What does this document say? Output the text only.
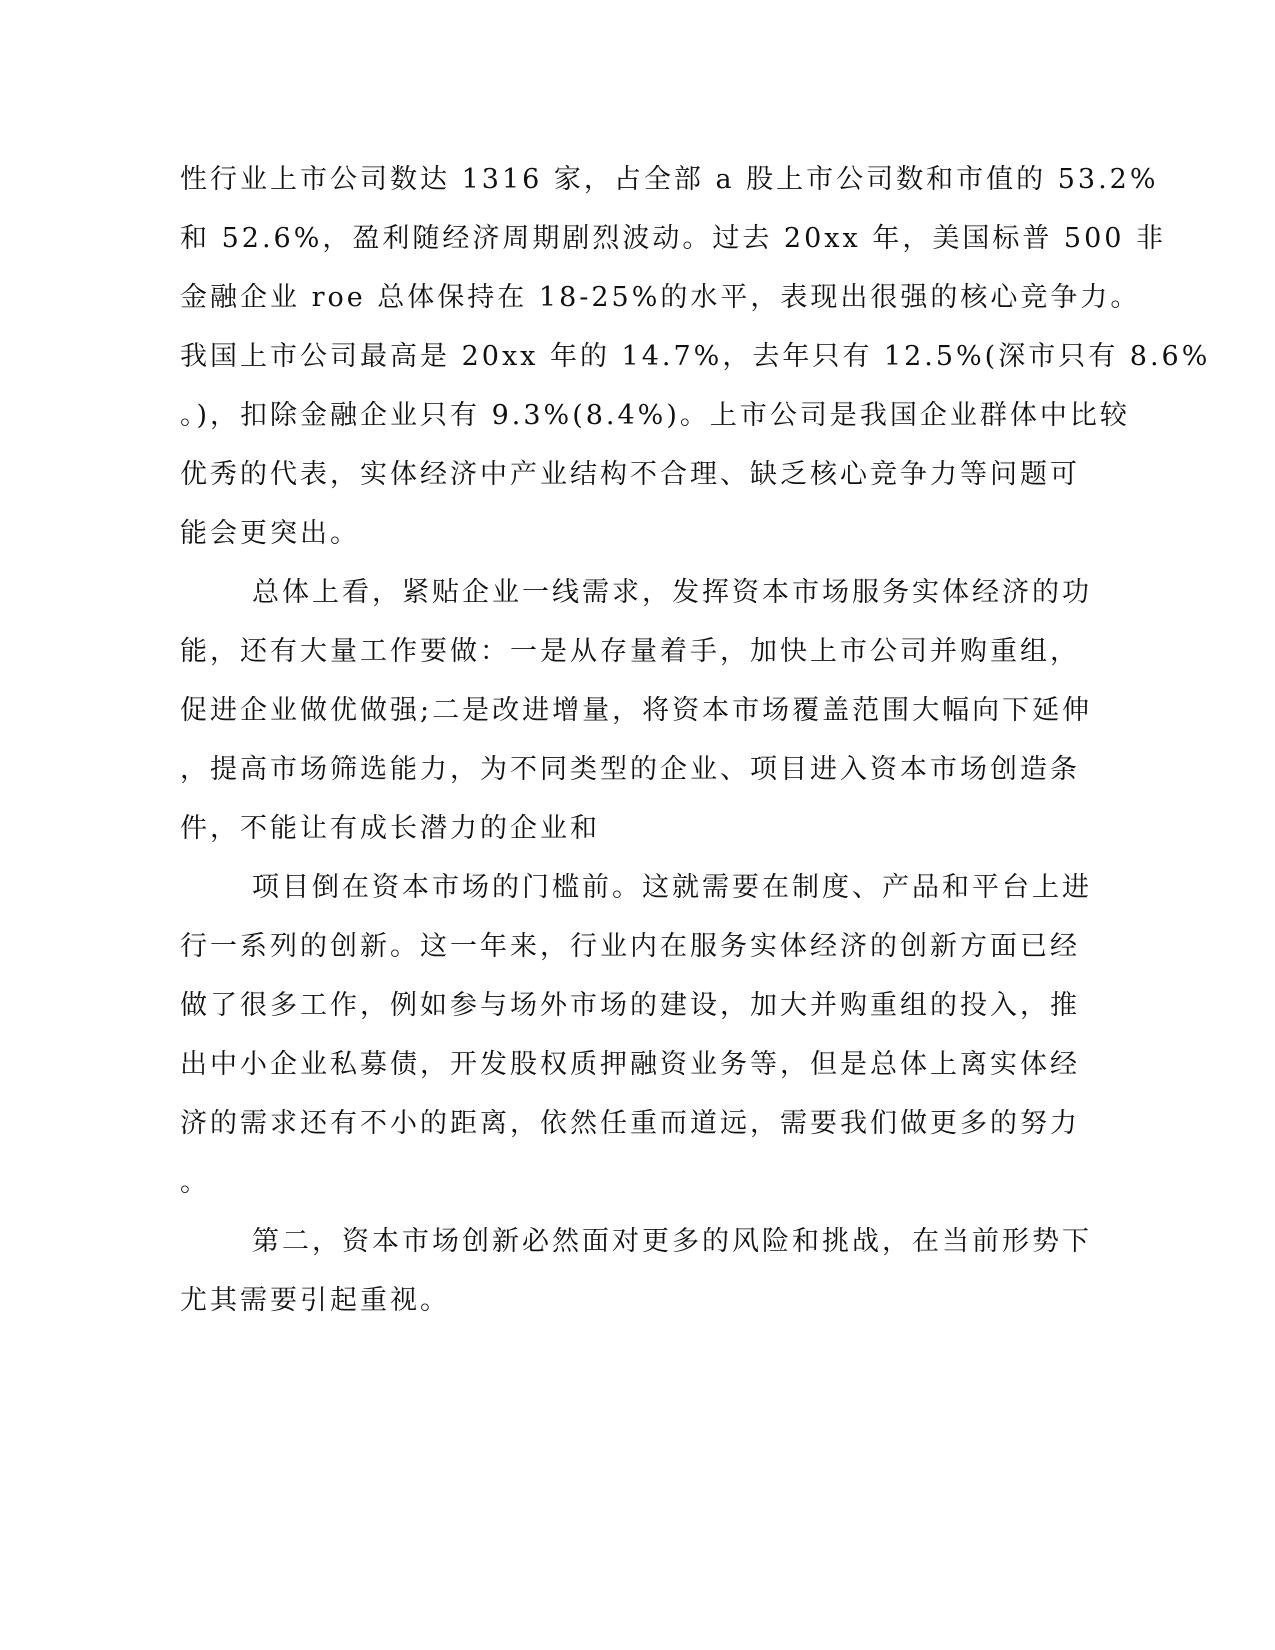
性行业上市公司数达 1316 家，占全部 a 股上市公司数和市值的 53.2%

和 52.6%，盈利随经济周期剧烈波动。过去 20xx 年，美国标普 500 非

金融企业 roe 总体保持在 18-25%的水平，表现出很强的核心竞争力。

我国上市公司最高是 20xx 年的 14.7%，去年只有 12.5%(深市只有 8.6%

。)，扣除金融企业只有 9.3%(8.4%)。上市公司是我国企业群体中比较

优秀的代表，实体经济中产业结构不合理、缺乏核心竞争力等问题可

能会更突出。

总体上看，紧贴企业一线需求，发挥资本市场服务实体经济的功

能，还有大量工作要做：一是从存量着手，加快上市公司并购重组，

促进企业做优做强;二是改进增量，将资本市场覆盖范围大幅向下延伸

，提高市场筛选能力，为不同类型的企业、项目进入资本市场创造条

件，不能让有成长潜力的企业和

项目倒在资本市场的门槛前。这就需要在制度、产品和平台上进

行一系列的创新。这一年来，行业内在服务实体经济的创新方面已经

做了很多工作，例如参与场外市场的建设，加大并购重组的投入，推

出中小企业私募债，开发股权质押融资业务等，但是总体上离实体经

济的需求还有不小的距离，依然任重而道远，需要我们做更多的努力

。

第二，资本市场创新必然面对更多的风险和挑战，在当前形势下

尤其需要引起重视。
